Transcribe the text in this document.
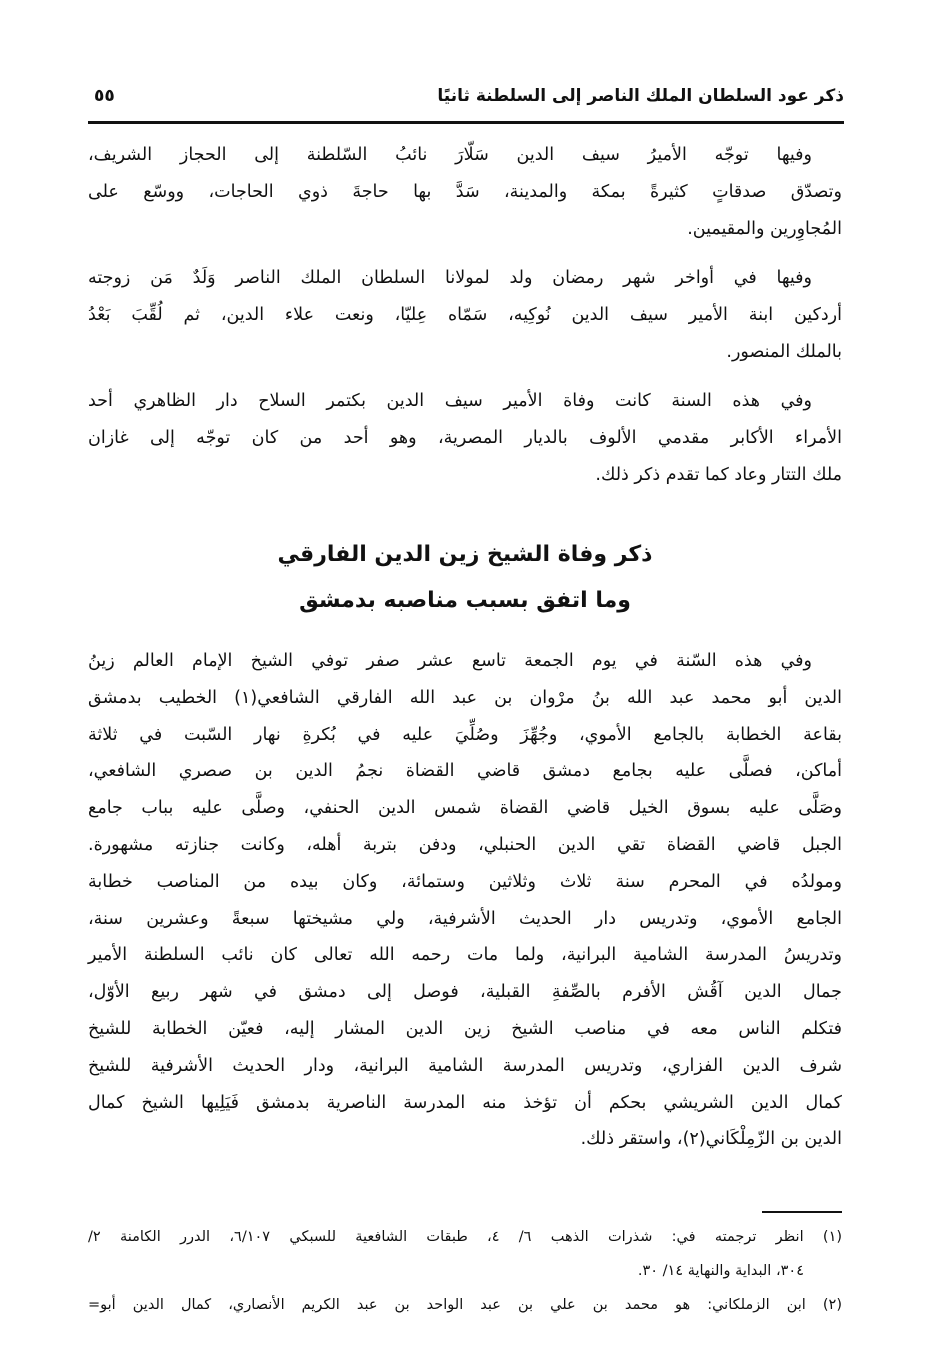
ذكر عود السلطان الملك الناصر إلى السلطنة ثانيًا
٥٥
وفيها توجّه الأميرُ سيف الدين سَلّارَ نائبُ السّلطنة إلى الحجاز الشريف،
وتصدّق صدقاتٍ كثيرةً بمكة والمدينة، سَدَّ بها حاجةَ ذوي الحاجات، ووسّع على
المُجاوِرين والمقيمين.
وفيها في أواخر شهر رمضان ولد لمولانا السلطان الملك الناصر وَلَدٌ مَن زوجته
أردكين ابنة الأمير سيف الدين نُوكِيه، سَمّاه عِليّا، ونعت علاء الدين، ثم لُقِّبَ بَعْدُ
بالملك المنصور.
وفي هذه السنة كانت وفاة الأمير سيف الدين بكتمر السلاح دار الظاهري أحد
الأمراء الأكابر مقدمي الألوف بالديار المصرية، وهو أحد من كان توجّه إلى غازان
ملك التتار وعاد كما تقدم ذكر ذلك.
وفي هذه السّنة في يوم الجمعة تاسع عشر صفر توفي الشيخ الإمام العالم زينُ
الدين أبو محمد عبد الله بنُ مرْوان بن عبد الله الفارقي الشافعي(١) الخطيب بدمشق
بقاعة الخطابة بالجامع الأموي، وجُهِّزَ وصُلِّيَ عليه في بُكرةِ نهار السّبت في ثلاثة
أماكن، فصلَّى عليه بجامع دمشق قاضي القضاة نجمُ الدين بن صصري الشافعي،
وصَلَّى عليه بسوق الخيل قاضي القضاة شمس الدين الحنفي، وصلَّى عليه بباب جامع
الجبل قاضي القضاة تقي الدين الحنبلي، ودفن بتربة أهله، وكانت جنازته مشهورة.
ومولدُه في المحرم سنة ثلاث وثلاثين وستمائة، وكان بيده من المناصب خطابة
الجامع الأموي، وتدريس دار الحديث الأشرفية، ولي مشيختها سبعةً وعشرين سنة،
وتدريسُ المدرسة الشامية البرانية، ولما مات رحمه الله تعالى كان نائب السلطنة الأمير
جمال الدين آقُش الأفرم بالصِّفةِ القبلية، فوصل إلى دمشق في شهر ربيع الأوّل،
فتكلم الناس معه في مناصب الشيخ زين الدين المشار إليه، فعيّن الخطابة للشيخ
شرف الدين الفزاري، وتدريس المدرسة الشامية البرانية، ودار الحديث الأشرفية للشيخ
كمال الدين الشريشي بحكم أن تؤخذ منه المدرسة الناصرية بدمشق فَيَلِيها الشيخ كمال
الدين بن الزّمِلْكَاني(٢)، واستقر ذلك.
ذكر وفاة الشيخ زين الدين الفارقي
وما اتفق بسبب مناصبه بدمشق
(١) انظر ترجمته في: شذرات الذهب ٦/ ٤، طبقات الشافعية للسبكي ٦/١٠٧، الدرر الكامنة ٢/
٣٠٤، البداية والنهاية ١٤/ ٣٠.
(٢) ابن الزملكاني: هو محمد بن علي بن عبد الواحد بن عبد الكريم الأنصاري، كمال الدين أبو=
